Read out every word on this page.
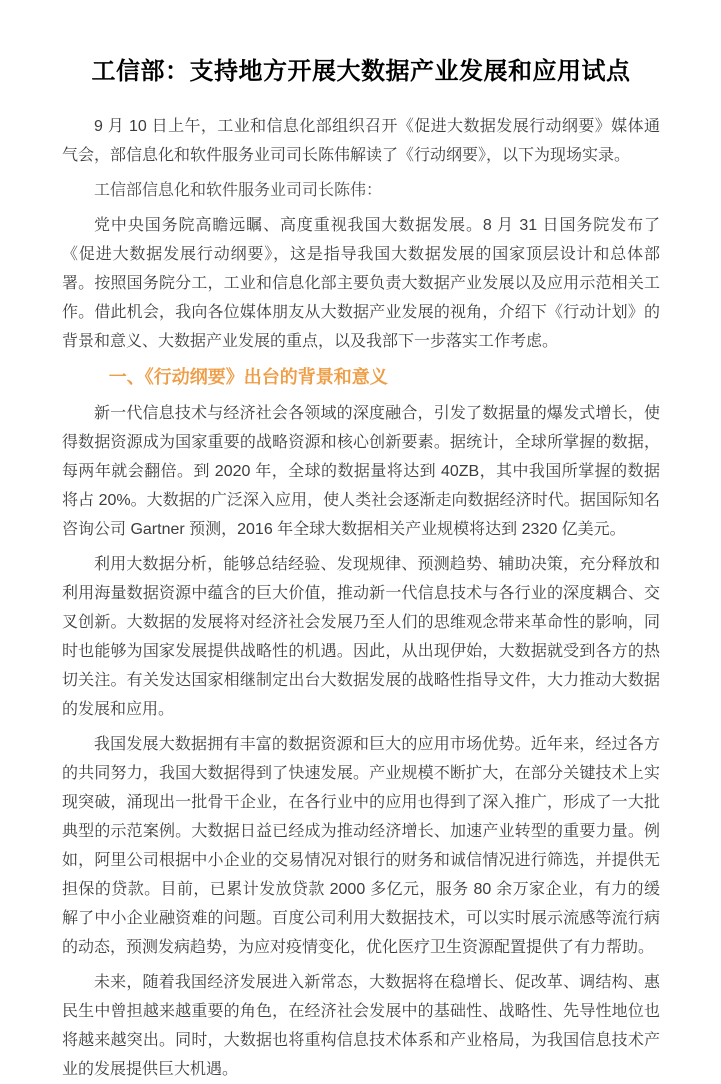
工信部：支持地方开展大数据产业发展和应用试点

9 月 10 日上午，工业和信息化部组织召开《促进大数据发展行动纲要》媒体通气会，部信息化和软件服务业司司长陈伟解读了《行动纲要》，以下为现场实录。

工信部信息化和软件服务业司司长陈伟：

党中央国务院高瞻远瞩、高度重视我国大数据发展。8 月 31 日国务院发布了《促进大数据发展行动纲要》，这是指导我国大数据发展的国家顶层设计和总体部署。按照国务院分工，工业和信息化部主要负责大数据产业发展以及应用示范相关工作。借此机会，我向各位媒体朋友从大数据产业发展的视角，介绍下《行动计划》的背景和意义、大数据产业发展的重点，以及我部下一步落实工作考虑。

一、《行动纲要》出台的背景和意义

新一代信息技术与经济社会各领域的深度融合，引发了数据量的爆发式增长，使得数据资源成为国家重要的战略资源和核心创新要素。据统计，全球所掌握的数据，每两年就会翻倍。到 2020 年，全球的数据量将达到 40ZB，其中我国所掌握的数据将占 20%。大数据的广泛深入应用，使人类社会逐渐走向数据经济时代。据国际知名咨询公司 Gartner 预测，2016 年全球大数据相关产业规模将达到 2320 亿美元。

利用大数据分析，能够总结经验、发现规律、预测趋势、辅助决策，充分释放和利用海量数据资源中蕴含的巨大价值，推动新一代信息技术与各行业的深度耦合、交叉创新。大数据的发展将对经济社会发展乃至人们的思维观念带来革命性的影响，同时也能够为国家发展提供战略性的机遇。因此，从出现伊始，大数据就受到各方的热切关注。有关发达国家相继制定出台大数据发展的战略性指导文件，大力推动大数据的发展和应用。

我国发展大数据拥有丰富的数据资源和巨大的应用市场优势。近年来，经过各方的共同努力，我国大数据得到了快速发展。产业规模不断扩大，在部分关键技术上实现突破，涌现出一批骨干企业，在各行业中的应用也得到了深入推广，形成了一大批典型的示范案例。大数据日益已经成为推动经济增长、加速产业转型的重要力量。例如，阿里公司根据中小企业的交易情况对银行的财务和诚信情况进行筛选，并提供无担保的贷款。目前，已累计发放贷款 2000 多亿元，服务 80 余万家企业，有力的缓解了中小企业融资难的问题。百度公司利用大数据技术，可以实时展示流感等流行病的动态，预测发病趋势，为应对疫情变化，优化医疗卫生资源配置提供了有力帮助。

未来，随着我国经济发展进入新常态，大数据将在稳增长、促改革、调结构、惠民生中曾担越来越重要的角色，在经济社会发展中的基础性、战略性、先导性地位也将越来越突出。同时，大数据也将重构信息技术体系和产业格局，为我国信息技术产业的发展提供巨大机遇。
